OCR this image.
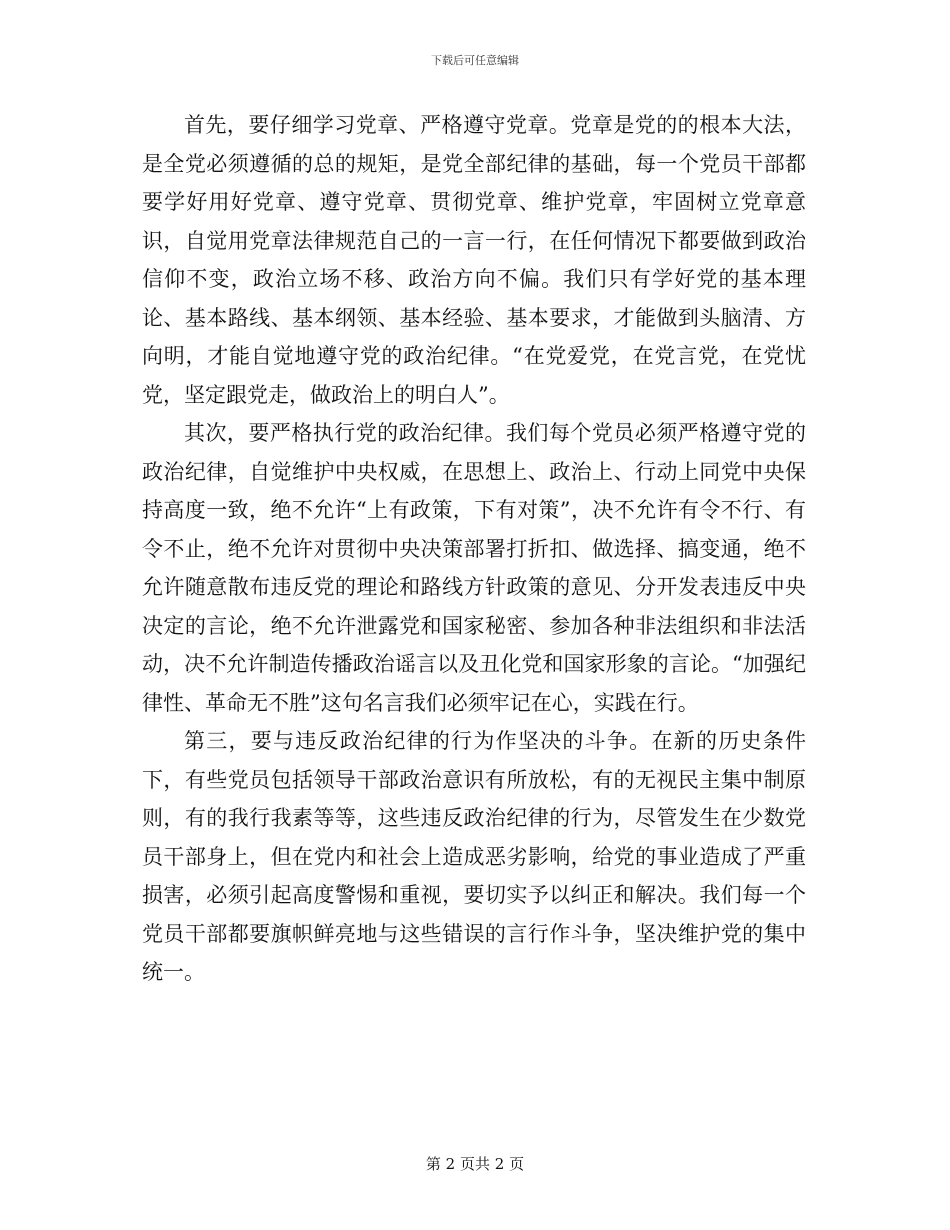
下载后可任意编辑

首先，要仔细学习党章、严格遵守党章。党章是党的的根本大法，是全党必须遵循的总的规矩，是党全部纪律的基础，每一个党员干部都要学好用好党章、遵守党章、贯彻党章、维护党章，牢固树立党章意识，自觉用党章法律规范自己的一言一行，在任何情况下都要做到政治信仰不变，政治立场不移、政治方向不偏。我们只有学好党的基本理论、基本路线、基本纲领、基本经验、基本要求，才能做到头脑清、方向明，才能自觉地遵守党的政治纪律。“在党爱党，在党言党，在党忧党，坚定跟党走，做政治上的明白人”。

其次，要严格执行党的政治纪律。我们每个党员必须严格遵守党的政治纪律，自觉维护中央权威，在思想上、政治上、行动上同党中央保持高度一致，绝不允许“上有政策，下有对策”，决不允许有令不行、有令不止，绝不允许对贯彻中央决策部署打折扣、做选择、搞变通，绝不允许随意散布违反党的理论和路线方针政策的意见、分开发表违反中央决定的言论，绝不允许泄露党和国家秘密、参加各种非法组织和非法活动，决不允许制造传播政治谣言以及丑化党和国家形象的言论。“加强纪律性、革命无不胜”这句名言我们必须牢记在心，实践在行。

第三，要与违反政治纪律的行为作坚决的斗争。在新的历史条件下，有些党员包括领导干部政治意识有所放松，有的无视民主集中制原则，有的我行我素等等，这些违反政治纪律的行为，尽管发生在少数党员干部身上，但在党内和社会上造成恶劣影响，给党的事业造成了严重损害，必须引起高度警惕和重视，要切实予以纠正和解决。我们每一个党员干部都要旗帜鲜亮地与这些错误的言行作斗争，坚决维护党的集中统一。

第 2 页共 2 页
